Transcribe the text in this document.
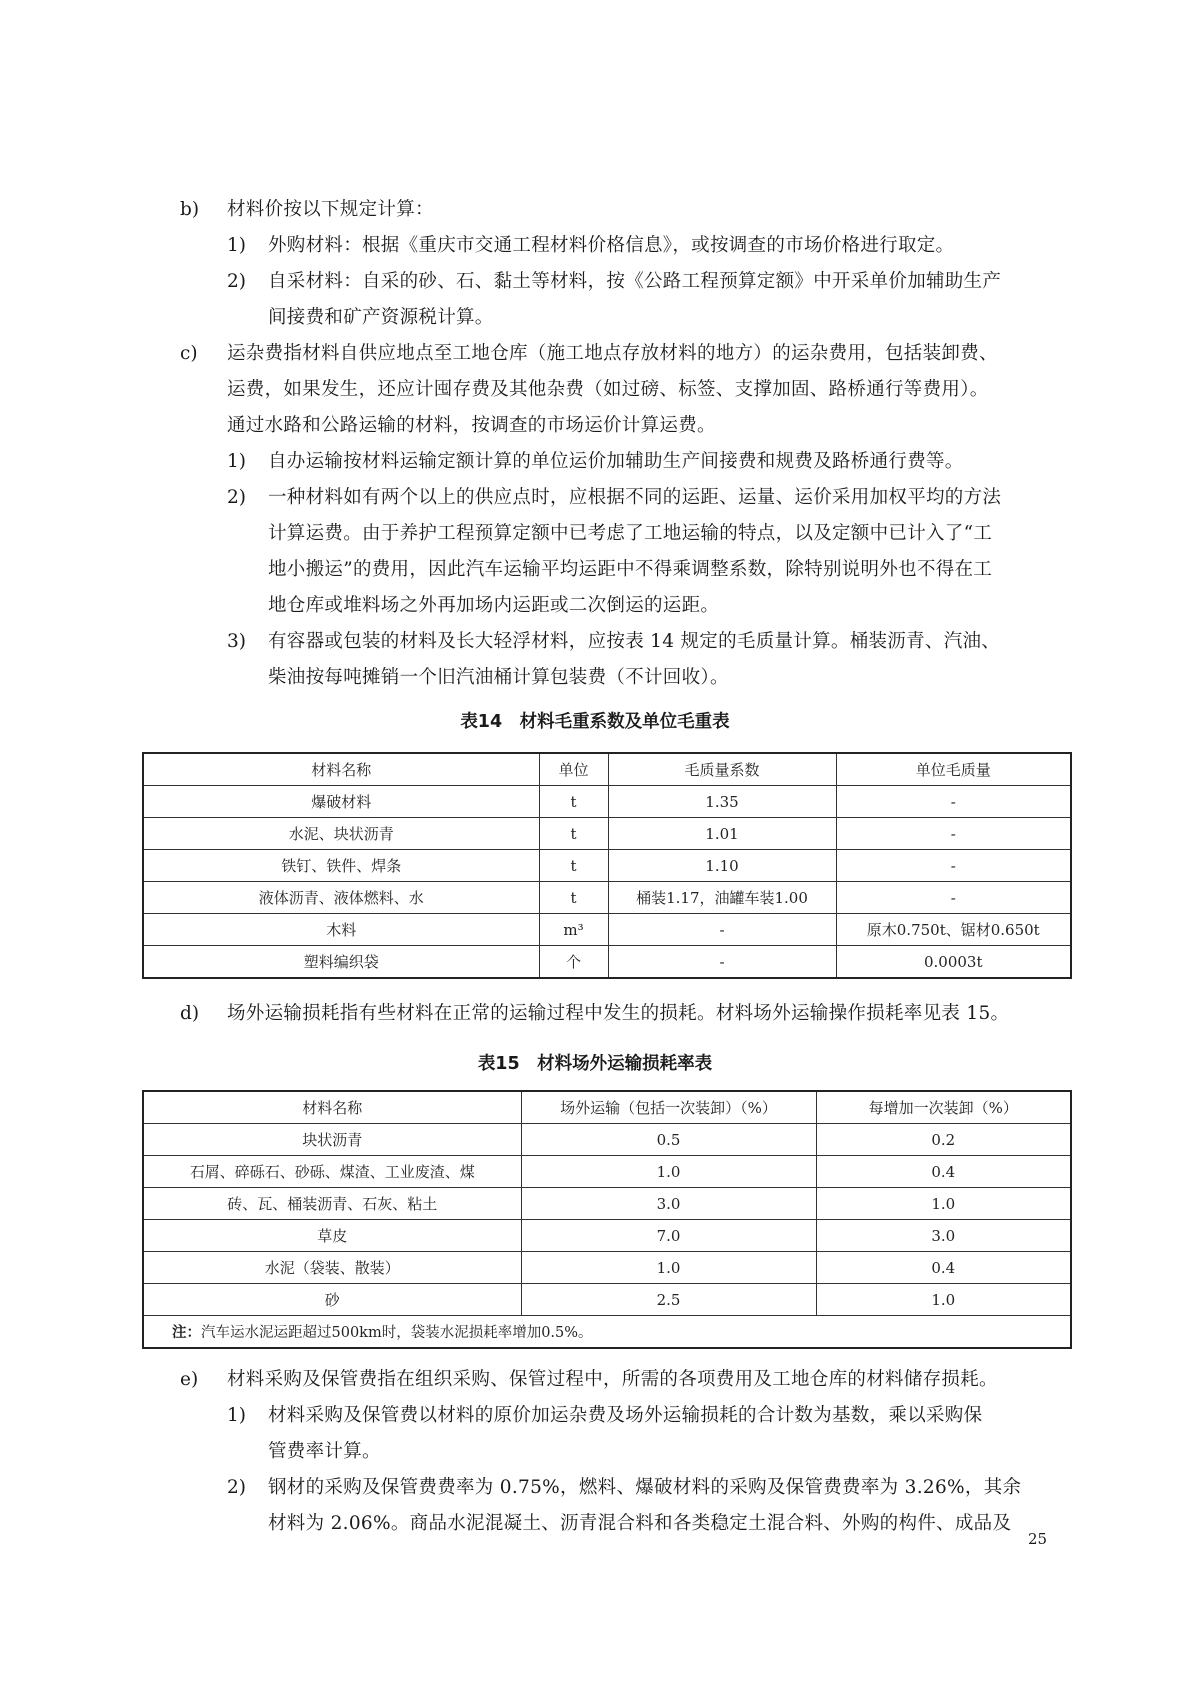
b) 材料价按以下规定计算：

1) 外购材料：根据《重庆市交通工程材料价格信息》，或按调查的市场价格进行取定。

2) 自采材料：自采的砂、石、黏土等材料，按《公路工程预算定额》中开采单价加辅助生产

间接费和矿产资源税计算。

c) 运杂费指材料自供应地点至工地仓库（施工地点存放材料的地方）的运杂费用，包括装卸费、

运费，如果发生，还应计囤存费及其他杂费（如过磅、标签、支撑加固、路桥通行等费用）。

通过水路和公路运输的材料，按调查的市场运价计算运费。

1) 自办运输按材料运输定额计算的单位运价加辅助生产间接费和规费及路桥通行费等。

2) 一种材料如有两个以上的供应点时，应根据不同的运距、运量、运价采用加权平均的方法

计算运费。由于养护工程预算定额中已考虑了工地运输的特点，以及定额中已计入了“工

地小搬运”的费用，因此汽车运输平均运距中不得乘调整系数，除特别说明外也不得在工

地仓库或堆料场之外再加场内运距或二次倒运的运距。

3) 有容器或包装的材料及长大轻浮材料，应按表 14 规定的毛质量计算。桶装沥青、汽油、

柴油按每吨摊销一个旧汽油桶计算包装费（不计回收）。

表14　材料毛重系数及单位毛重表

材料名称	单位	毛质量系数	单位毛质量
爆破材料	t	1.35	-
水泥、块状沥青	t	1.01	-
铁钉、铁件、焊条	t	1.10	-
液体沥青、液体燃料、水	t	桶装1.17，油罐车装1.00	-
木料	m³	-	原木0.750t、锯材0.650t
塑料编织袋	个	-	0.0003t
d) 场外运输损耗指有些材料在正常的运输过程中发生的损耗。材料场外运输操作损耗率见表 15。

表15　材料场外运输损耗率表

材料名称	场外运输（包括一次装卸）（%）	每增加一次装卸（%）
块状沥青	0.5	0.2
石屑、碎砾石、砂砾、煤渣、工业废渣、煤	1.0	0.4
砖、瓦、桶装沥青、石灰、粘土	3.0	1.0
草皮	7.0	3.0
水泥（袋装、散装）	1.0	0.4
砂	2.5	1.0
注：汽车运水泥运距超过500km时，袋装水泥损耗率增加0.5%。		
e) 材料采购及保管费指在组织采购、保管过程中，所需的各项费用及工地仓库的材料储存损耗。

1) 材料采购及保管费以材料的原价加运杂费及场外运输损耗的合计数为基数，乘以采购保

管费率计算。

2) 钢材的采购及保管费费率为 0.75%，燃料、爆破材料的采购及保管费费率为 3.26%，其余

材料为 2.06%。商品水泥混凝土、沥青混合料和各类稳定土混合料、外购的构件、成品及

25
